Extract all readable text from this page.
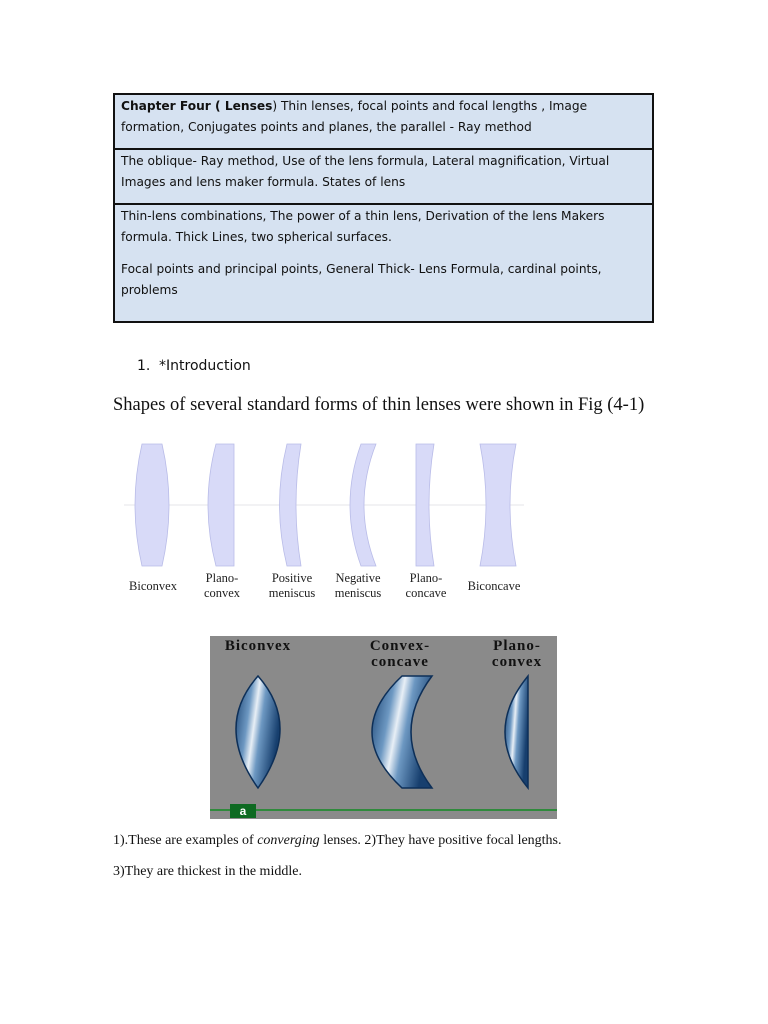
Chapter Four ( Lenses) Thin lenses, focal points and focal lengths , Image formation, Conjugates points and planes, the parallel - Ray method
The oblique- Ray method, Use of the lens formula, Lateral magnification, Virtual Images and lens maker formula. States of lens

Thin-lens combinations, The power of a thin lens, Derivation of the lens Makers formula. Thick Lines, two spherical surfaces.

Focal points and principal points, General Thick- Lens Formula, cardinal points, problems

1. *Introduction
Shapes of several standard forms of thin lenses were shown in Fig (4-1)
Biconvex
Plano-
convex
Positive
meniscus
Negative
meniscus
Plano-
concave	Biconcave
Biconvex	Convex-
concave
Plano-
convex
a
1).These are examples of converging lenses. 2)They have positive focal lengths.
3)They are thickest in the middle.
